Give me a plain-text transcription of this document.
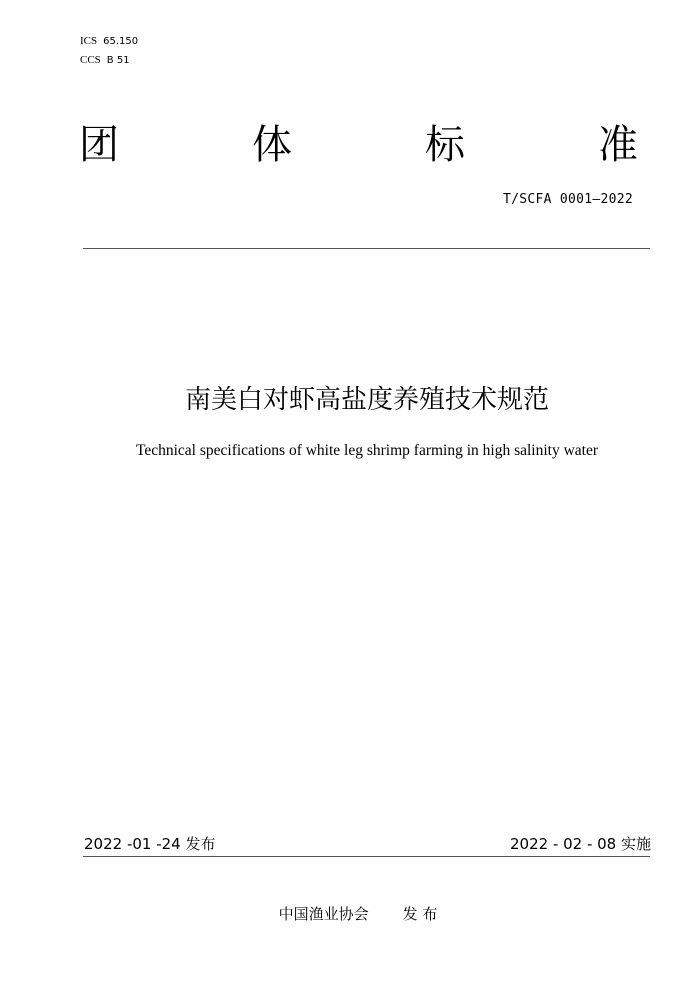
ICS 65.150
CCS B 51
团	体	标	准
T/SCFA 0001—2022
南美白对虾高盐度养殖技术规范
Technical specifications of white leg shrimp farming in high salinity water
2022 -01 -24 发布	2022 - 02 - 08 实施
中国渔业协会 发 布
